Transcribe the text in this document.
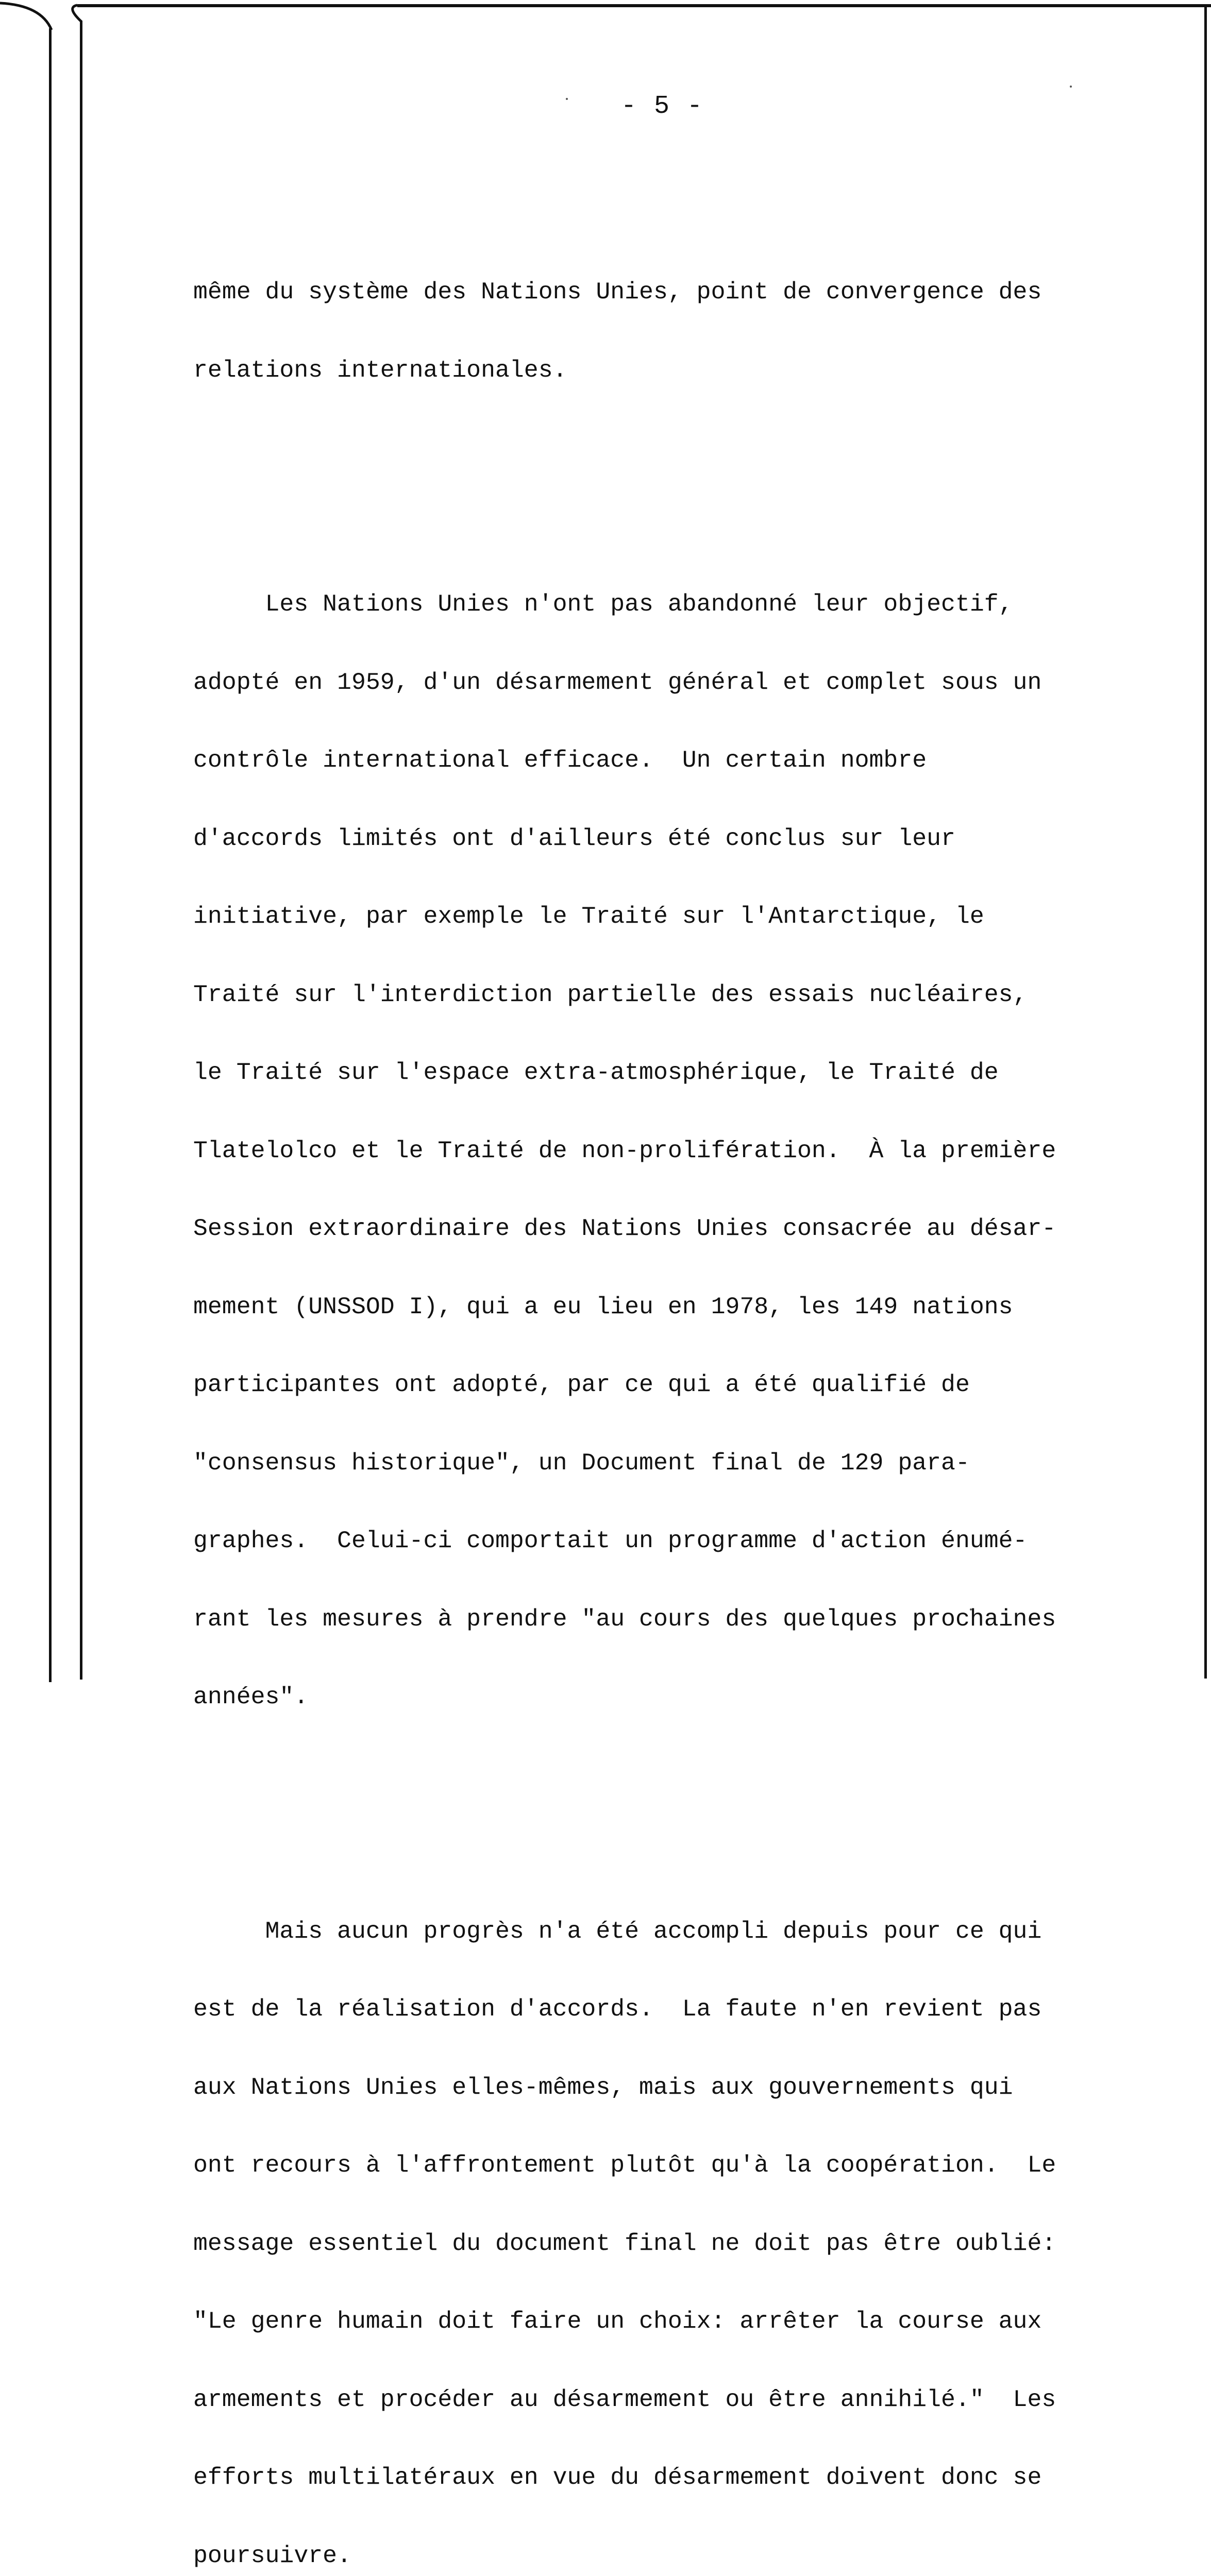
- 5 -

même du système des Nations Unies, point de convergence des

relations internationales.

Les Nations Unies n'ont pas abandonné leur objectif,

adopté en 1959, d'un désarmement général et complet sous un

contrôle international efficace.  Un certain nombre

d'accords limités ont d'ailleurs été conclus sur leur

initiative, par exemple le Traité sur l'Antarctique, le

Traité sur l'interdiction partielle des essais nucléaires,

le Traité sur l'espace extra-atmosphérique, le Traité de

Tlatelolco et le Traité de non-prolifération.  À la première

Session extraordinaire des Nations Unies consacrée au désar-

mement (UNSSOD I), qui a eu lieu en 1978, les 149 nations

participantes ont adopté, par ce qui a été qualifié de

"consensus historique", un Document final de 129 para-

graphes.  Celui-ci comportait un programme d'action énumé-

rant les mesures à prendre "au cours des quelques prochaines

années".

Mais aucun progrès n'a été accompli depuis pour ce qui

est de la réalisation d'accords.  La faute n'en revient pas

aux Nations Unies elles-mêmes, mais aux gouvernements qui

ont recours à l'affrontement plutôt qu'à la coopération.  Le

message essentiel du document final ne doit pas être oublié:

"Le genre humain doit faire un choix: arrêter la course aux

armements et procéder au désarmement ou être annihilé."  Les

efforts multilatéraux en vue du désarmement doivent donc se

poursuivre.
